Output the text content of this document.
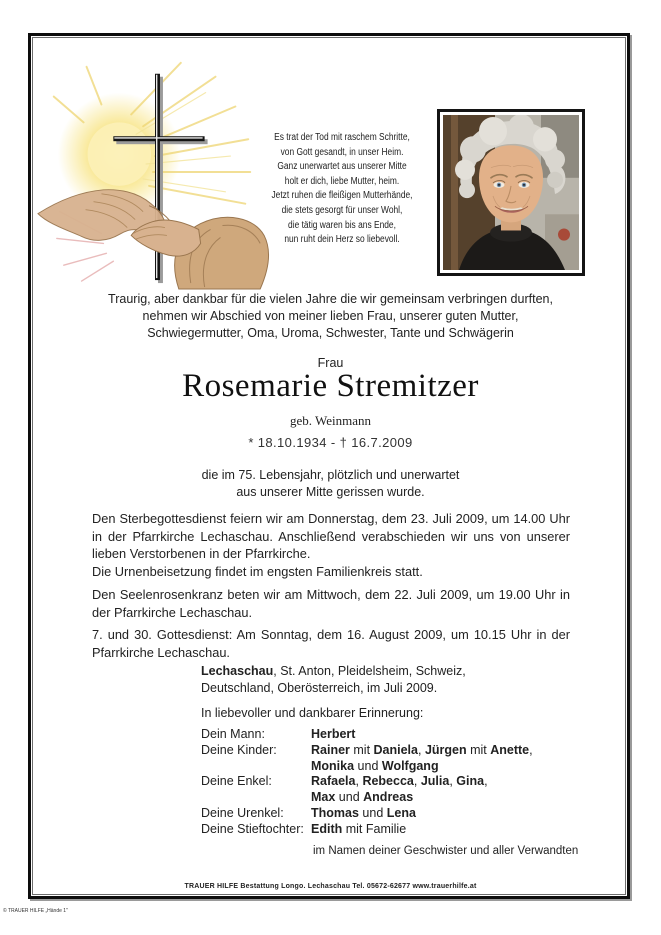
Es trat der Tod mit raschem Schritte,
von Gott gesandt, in unser Heim.
Ganz unerwartet aus unserer Mitte
holt er dich, liebe Mutter, heim.
Jetzt ruhen die fleißigen Mutterhände,
die stets gesorgt für unser Wohl,
die tätig waren bis ans Ende,
nun ruht dein Herz so liebevoll.
Traurig, aber dankbar für die vielen Jahre die wir gemeinsam verbringen durften,
nehmen wir Abschied von meiner lieben Frau, unserer guten Mutter,
Schwiegermutter, Oma, Uroma, Schwester, Tante und Schwägerin
Frau
Rosemarie Stremitzer
geb. Weinmann
* 18.10.1934 - † 16.7.2009
die im 75. Lebensjahr, plötzlich und unerwartet
aus unserer Mitte gerissen wurde.

Den Sterbegottesdienst feiern wir am Donnerstag, dem 23. Juli 2009, um 14.00 Uhr in der Pfarrkirche Lechaschau. Anschließend verabschieden wir uns von unserer lieben Verstorbenen in der Pfarrkirche.

Die Urnenbeisetzung findet im engsten Familienkreis statt.

Den Seelenrosenkranz beten wir am Mittwoch, dem 22. Juli 2009, um 19.00 Uhr in der Pfarrkirche Lechaschau.

7. und 30. Gottesdienst: Am Sonntag, dem 16. August 2009, um 10.15 Uhr in der Pfarrkirche Lechaschau.

Lechaschau, St. Anton, Pleidelsheim, Schweiz,
Deutschland, Oberösterreich, im Juli 2009.
In liebevoller und dankbarer Erinnerung:
Dein Mann:	Herbert
Deine Kinder:	Rainer mit Daniela, Jürgen mit Anette,
Monika und Wolfgang
Deine Enkel:	Rafaela, Rebecca, Julia, Gina,
Max und Andreas
Deine Urenkel:	Thomas und Lena
Deine Stieftochter: Edith mit Familie
im Namen deiner Geschwister und aller Verwandten
TRAUER HILFE Bestattung Longo. Lechaschau Tel. 05672-62677 www.trauerhilfe.at
© TRAUER HILFE „Hände 1"
